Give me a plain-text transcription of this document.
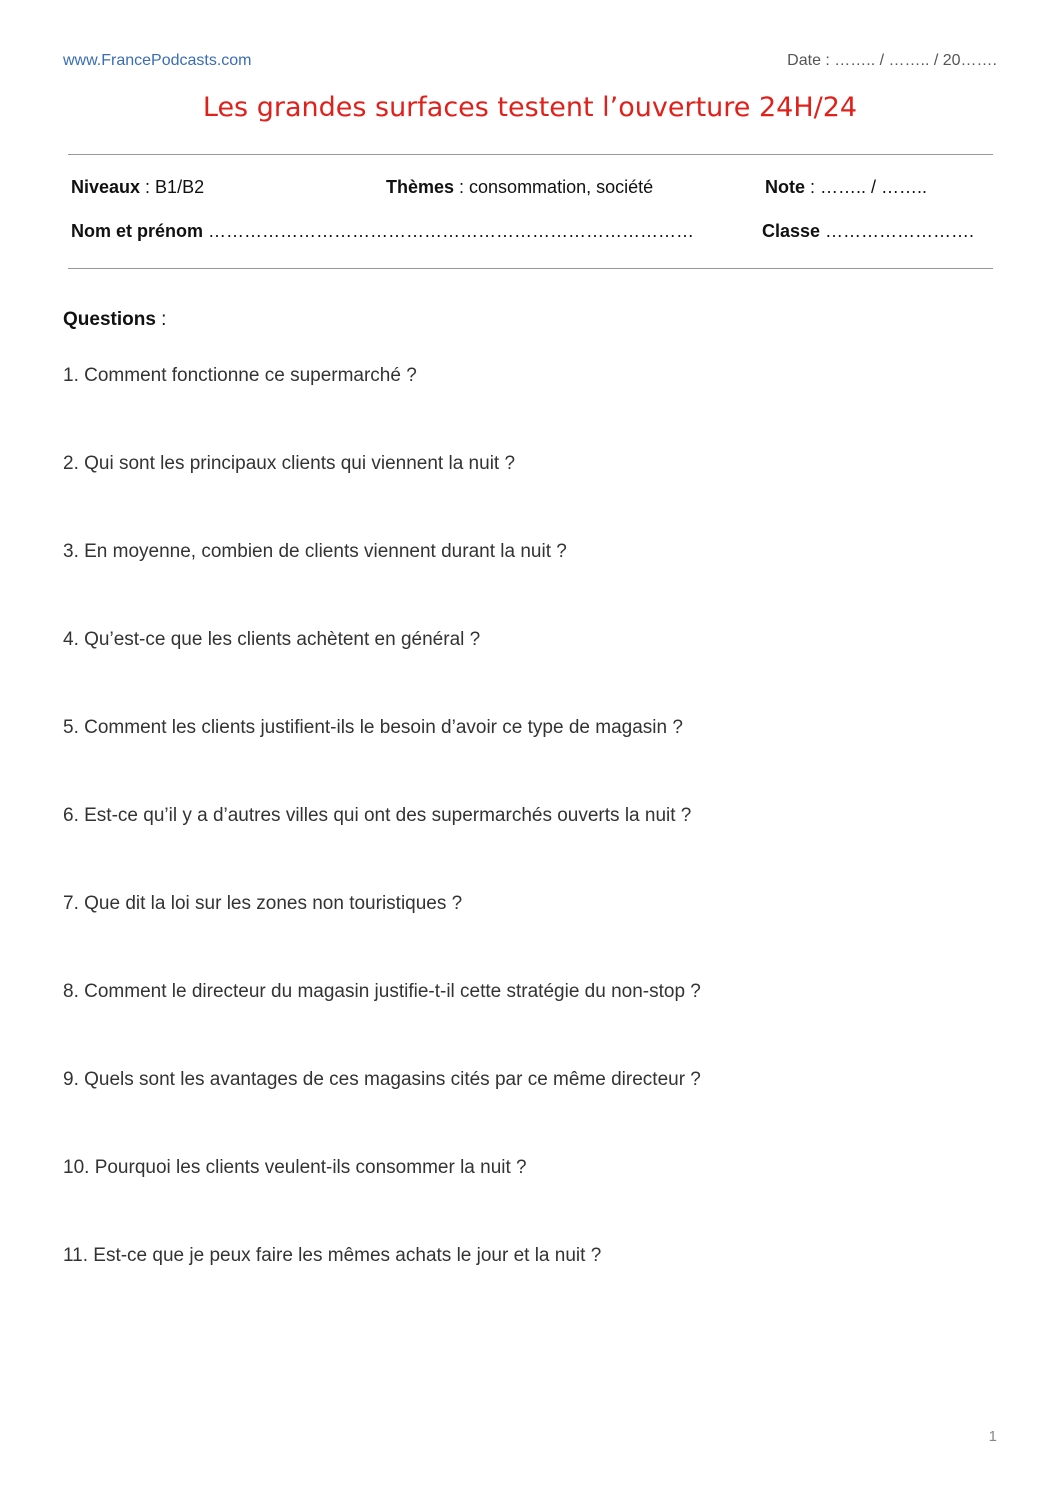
www.FrancePodcasts.com	Date : …….. / …….. / 20…….
Les grandes surfaces testent l’ouverture 24H/24
Niveaux : B1/B2	Thèmes : consommation, société	Note : …….. / ……..
Nom et prénom ………………………………………………………………………	Classe …………………….
Questions :
1. Comment fonctionne ce supermarché ?
2. Qui sont les principaux clients qui viennent la nuit ?
3. En moyenne, combien de clients viennent durant la nuit ?
4. Qu’est-ce que les clients achètent en général ?
5. Comment les clients justifient-ils le besoin d’avoir ce type de magasin ?
6. Est-ce qu’il y a d’autres villes qui ont des supermarchés ouverts la nuit ?
7. Que dit la loi sur les zones non touristiques ?
8. Comment le directeur du magasin justifie-t-il cette stratégie du non-stop ?
9. Quels sont les avantages de ces magasins cités par ce même directeur ?
10. Pourquoi les clients veulent-ils consommer la nuit ?
11. Est-ce que je peux faire les mêmes achats le jour et la nuit ?
1
